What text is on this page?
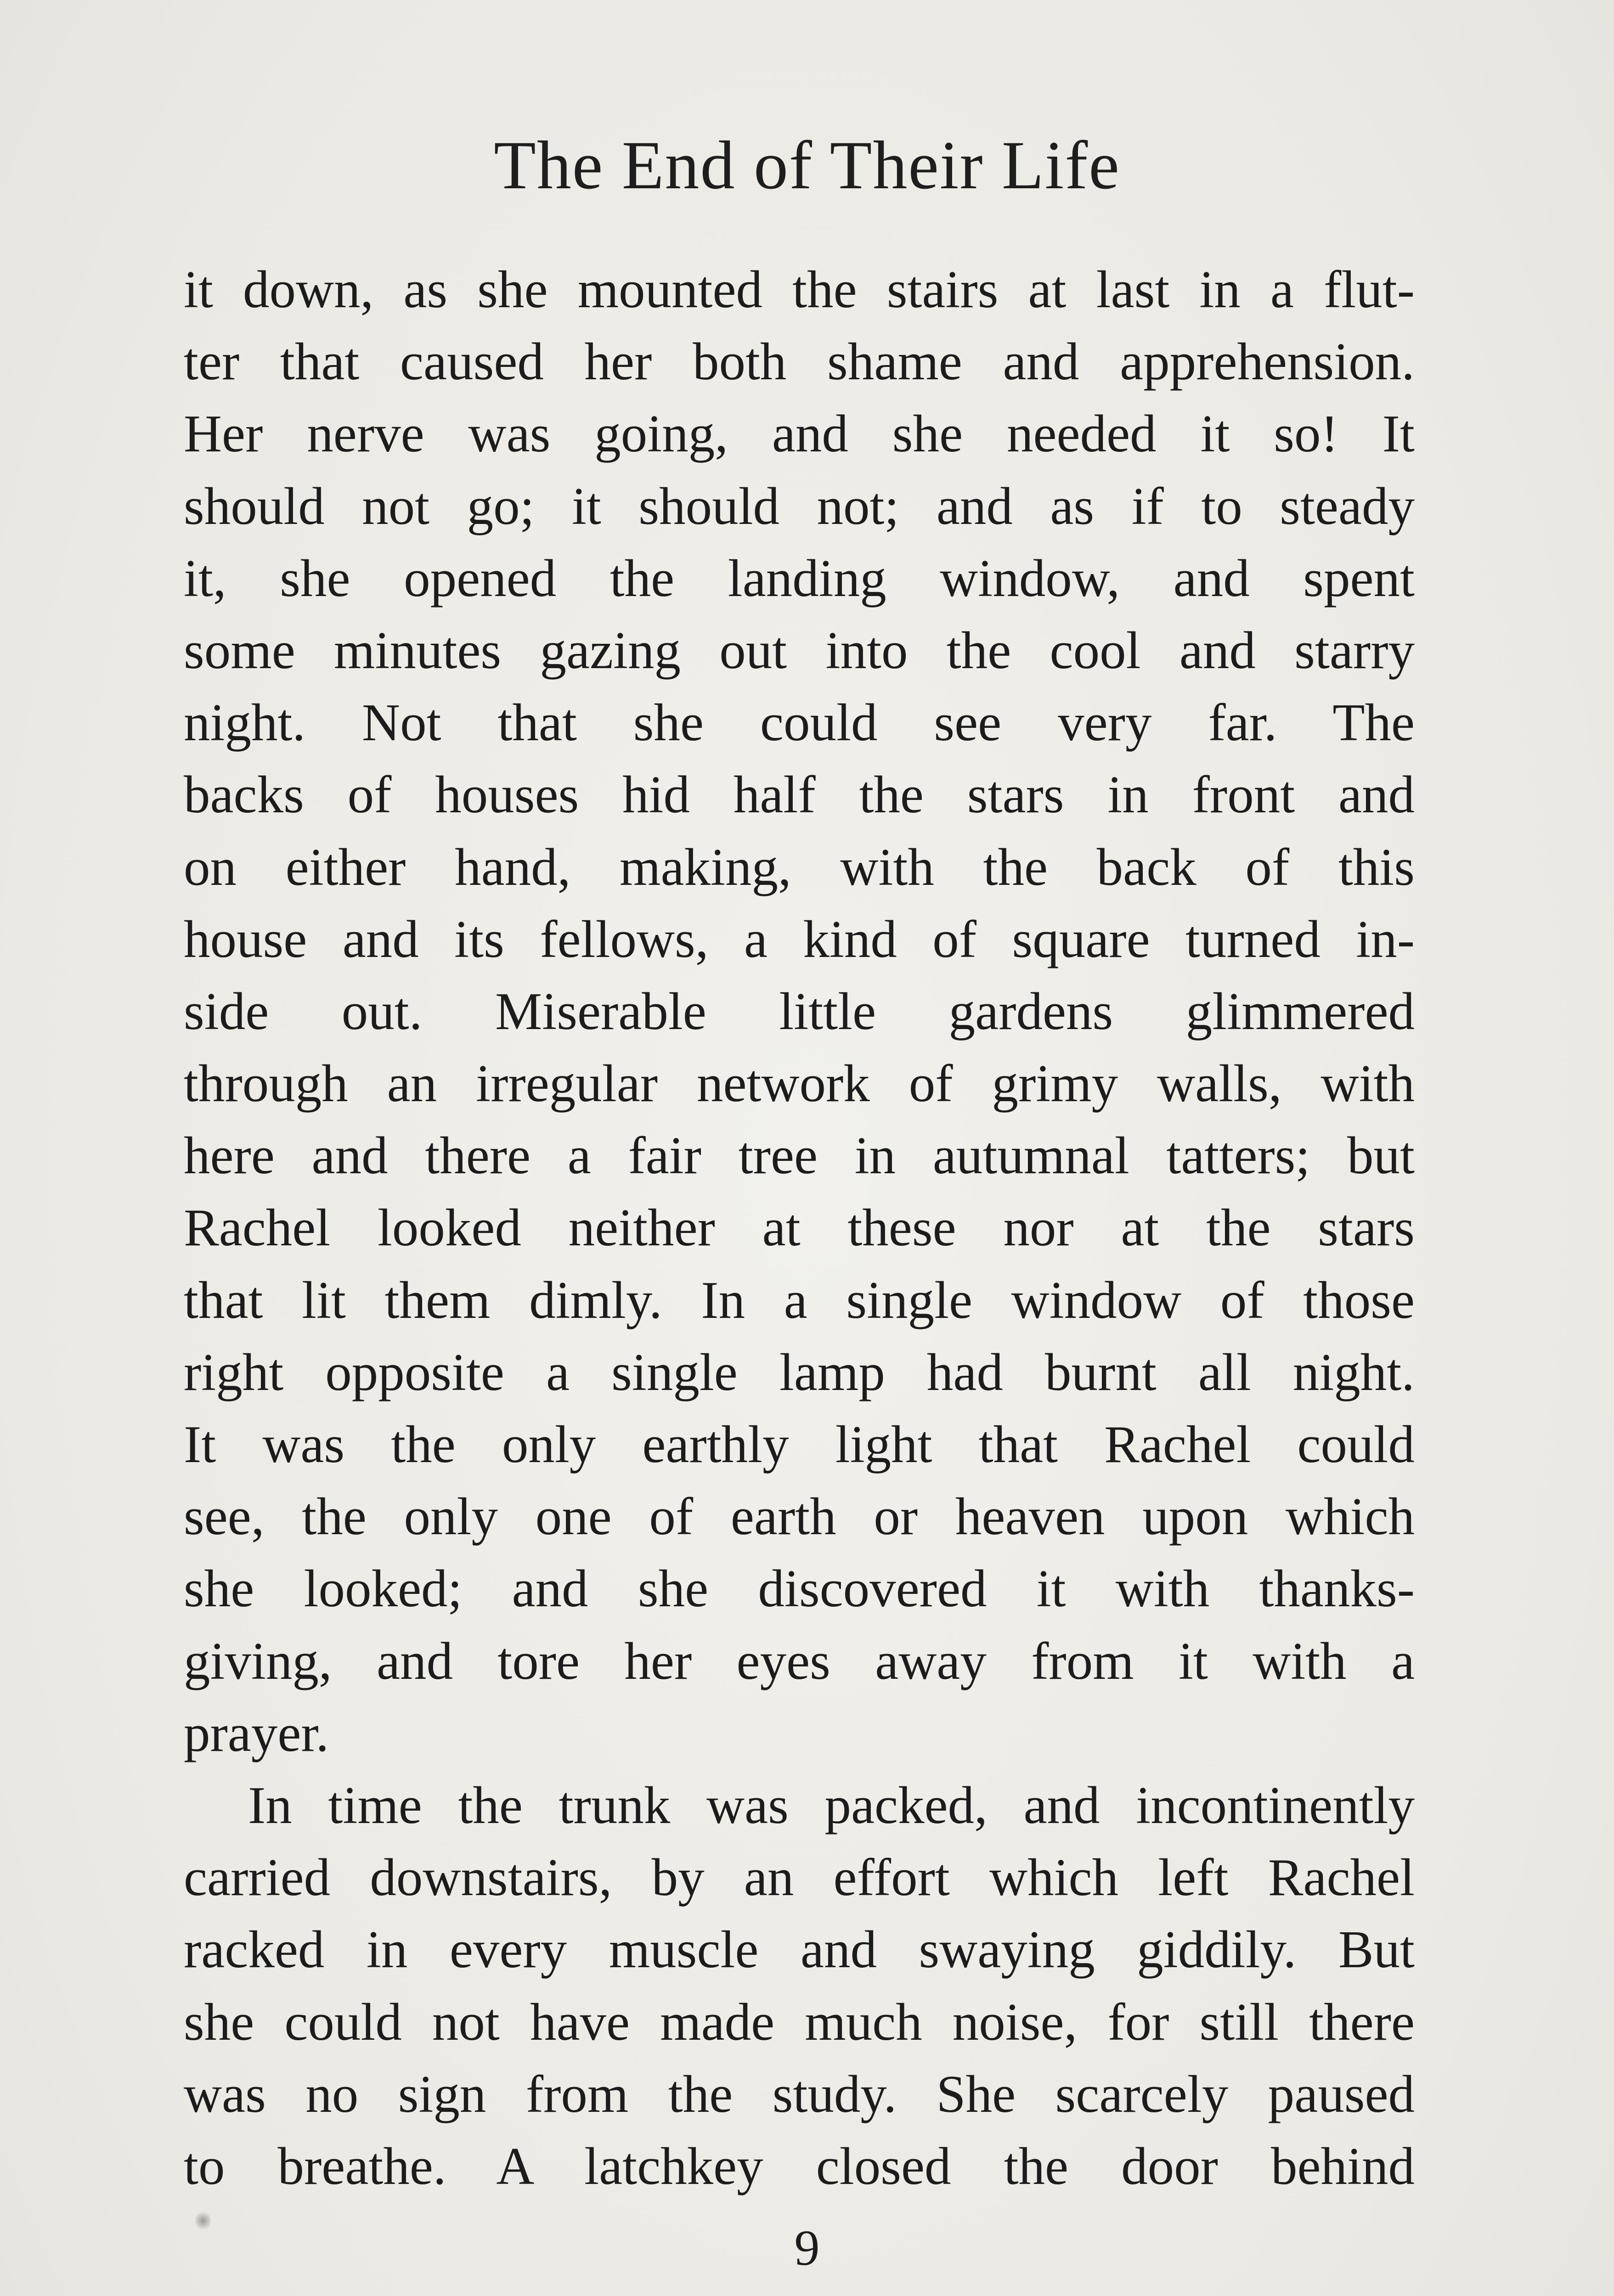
The End of Their Life
it down, as she mounted the stairs at last in a flut-
ter that caused her both shame and apprehension.
Her nerve was going, and she needed it so! It
should not go; it should not; and as if to steady
it, she opened the landing window, and spent
some minutes gazing out into the cool and starry
night. Not that she could see very far. The
backs of houses hid half the stars in front and
on either hand, making, with the back of this
house and its fellows, a kind of square turned in-
side out. Miserable little gardens glimmered
through an irregular network of grimy walls, with
here and there a fair tree in autumnal tatters; but
Rachel looked neither at these nor at the stars
that lit them dimly. In a single window of those
right opposite a single lamp had burnt all night.
It was the only earthly light that Rachel could
see, the only one of earth or heaven upon which
she looked; and she discovered it with thanks-
giving, and tore her eyes away from it with a
prayer.
In time the trunk was packed, and incontinently
carried downstairs, by an effort which left Rachel
racked in every muscle and swaying giddily. But
she could not have made much noise, for still there
was no sign from the study. She scarcely paused
to breathe. A latchkey closed the door behind
9
